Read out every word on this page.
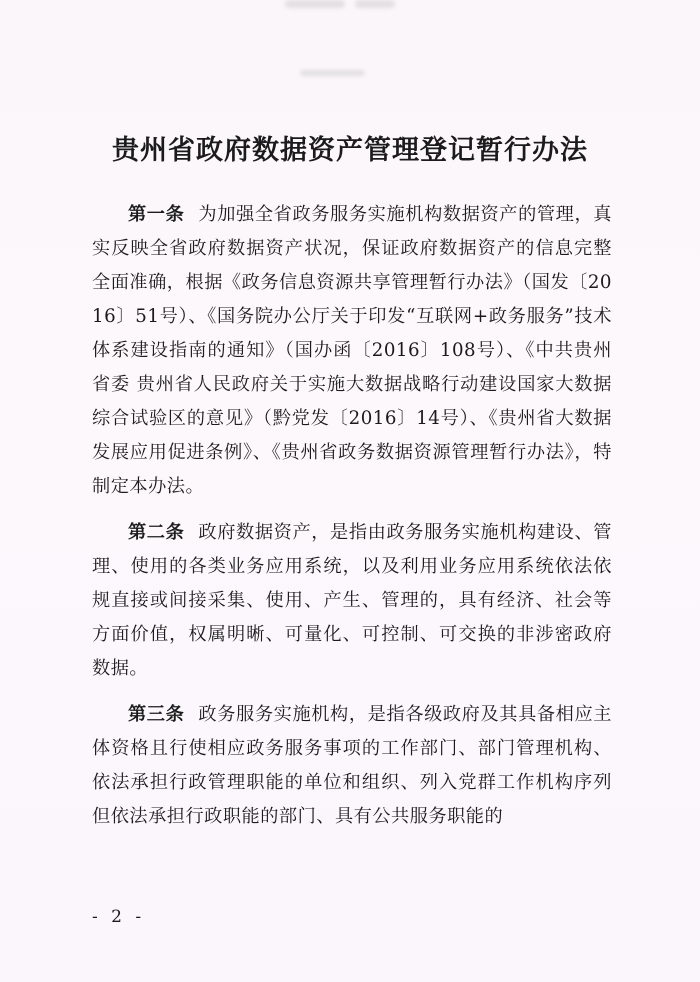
贵州省政府数据资产管理登记暂行办法

第一条 为加强全省政务服务实施机构数据资产的管理，真实反映全省政府数据资产状况，保证政府数据资产的信息完整全面准确，根据《政务信息资源共享管理暂行办法》（国发〔2016〕51号）、《国务院办公厅关于印发“互联网+政务服务”技术体系建设指南的通知》（国办函〔2016〕108号）、《中共贵州省委 贵州省人民政府关于实施大数据战略行动建设国家大数据综合试验区的意见》（黔党发〔2016〕14号）、《贵州省大数据发展应用促进条例》、《贵州省政务数据资源管理暂行办法》，特制定本办法。

第二条 政府数据资产，是指由政务服务实施机构建设、管理、使用的各类业务应用系统，以及利用业务应用系统依法依规直接或间接采集、使用、产生、管理的，具有经济、社会等方面价值，权属明晰、可量化、可控制、可交换的非涉密政府数据。

第三条 政务服务实施机构，是指各级政府及其具备相应主体资格且行使相应政务服务事项的工作部门、部门管理机构、依法承担行政管理职能的单位和组织、列入党群工作机构序列但依法承担行政职能的部门、具有公共服务职能的

- 2 -
